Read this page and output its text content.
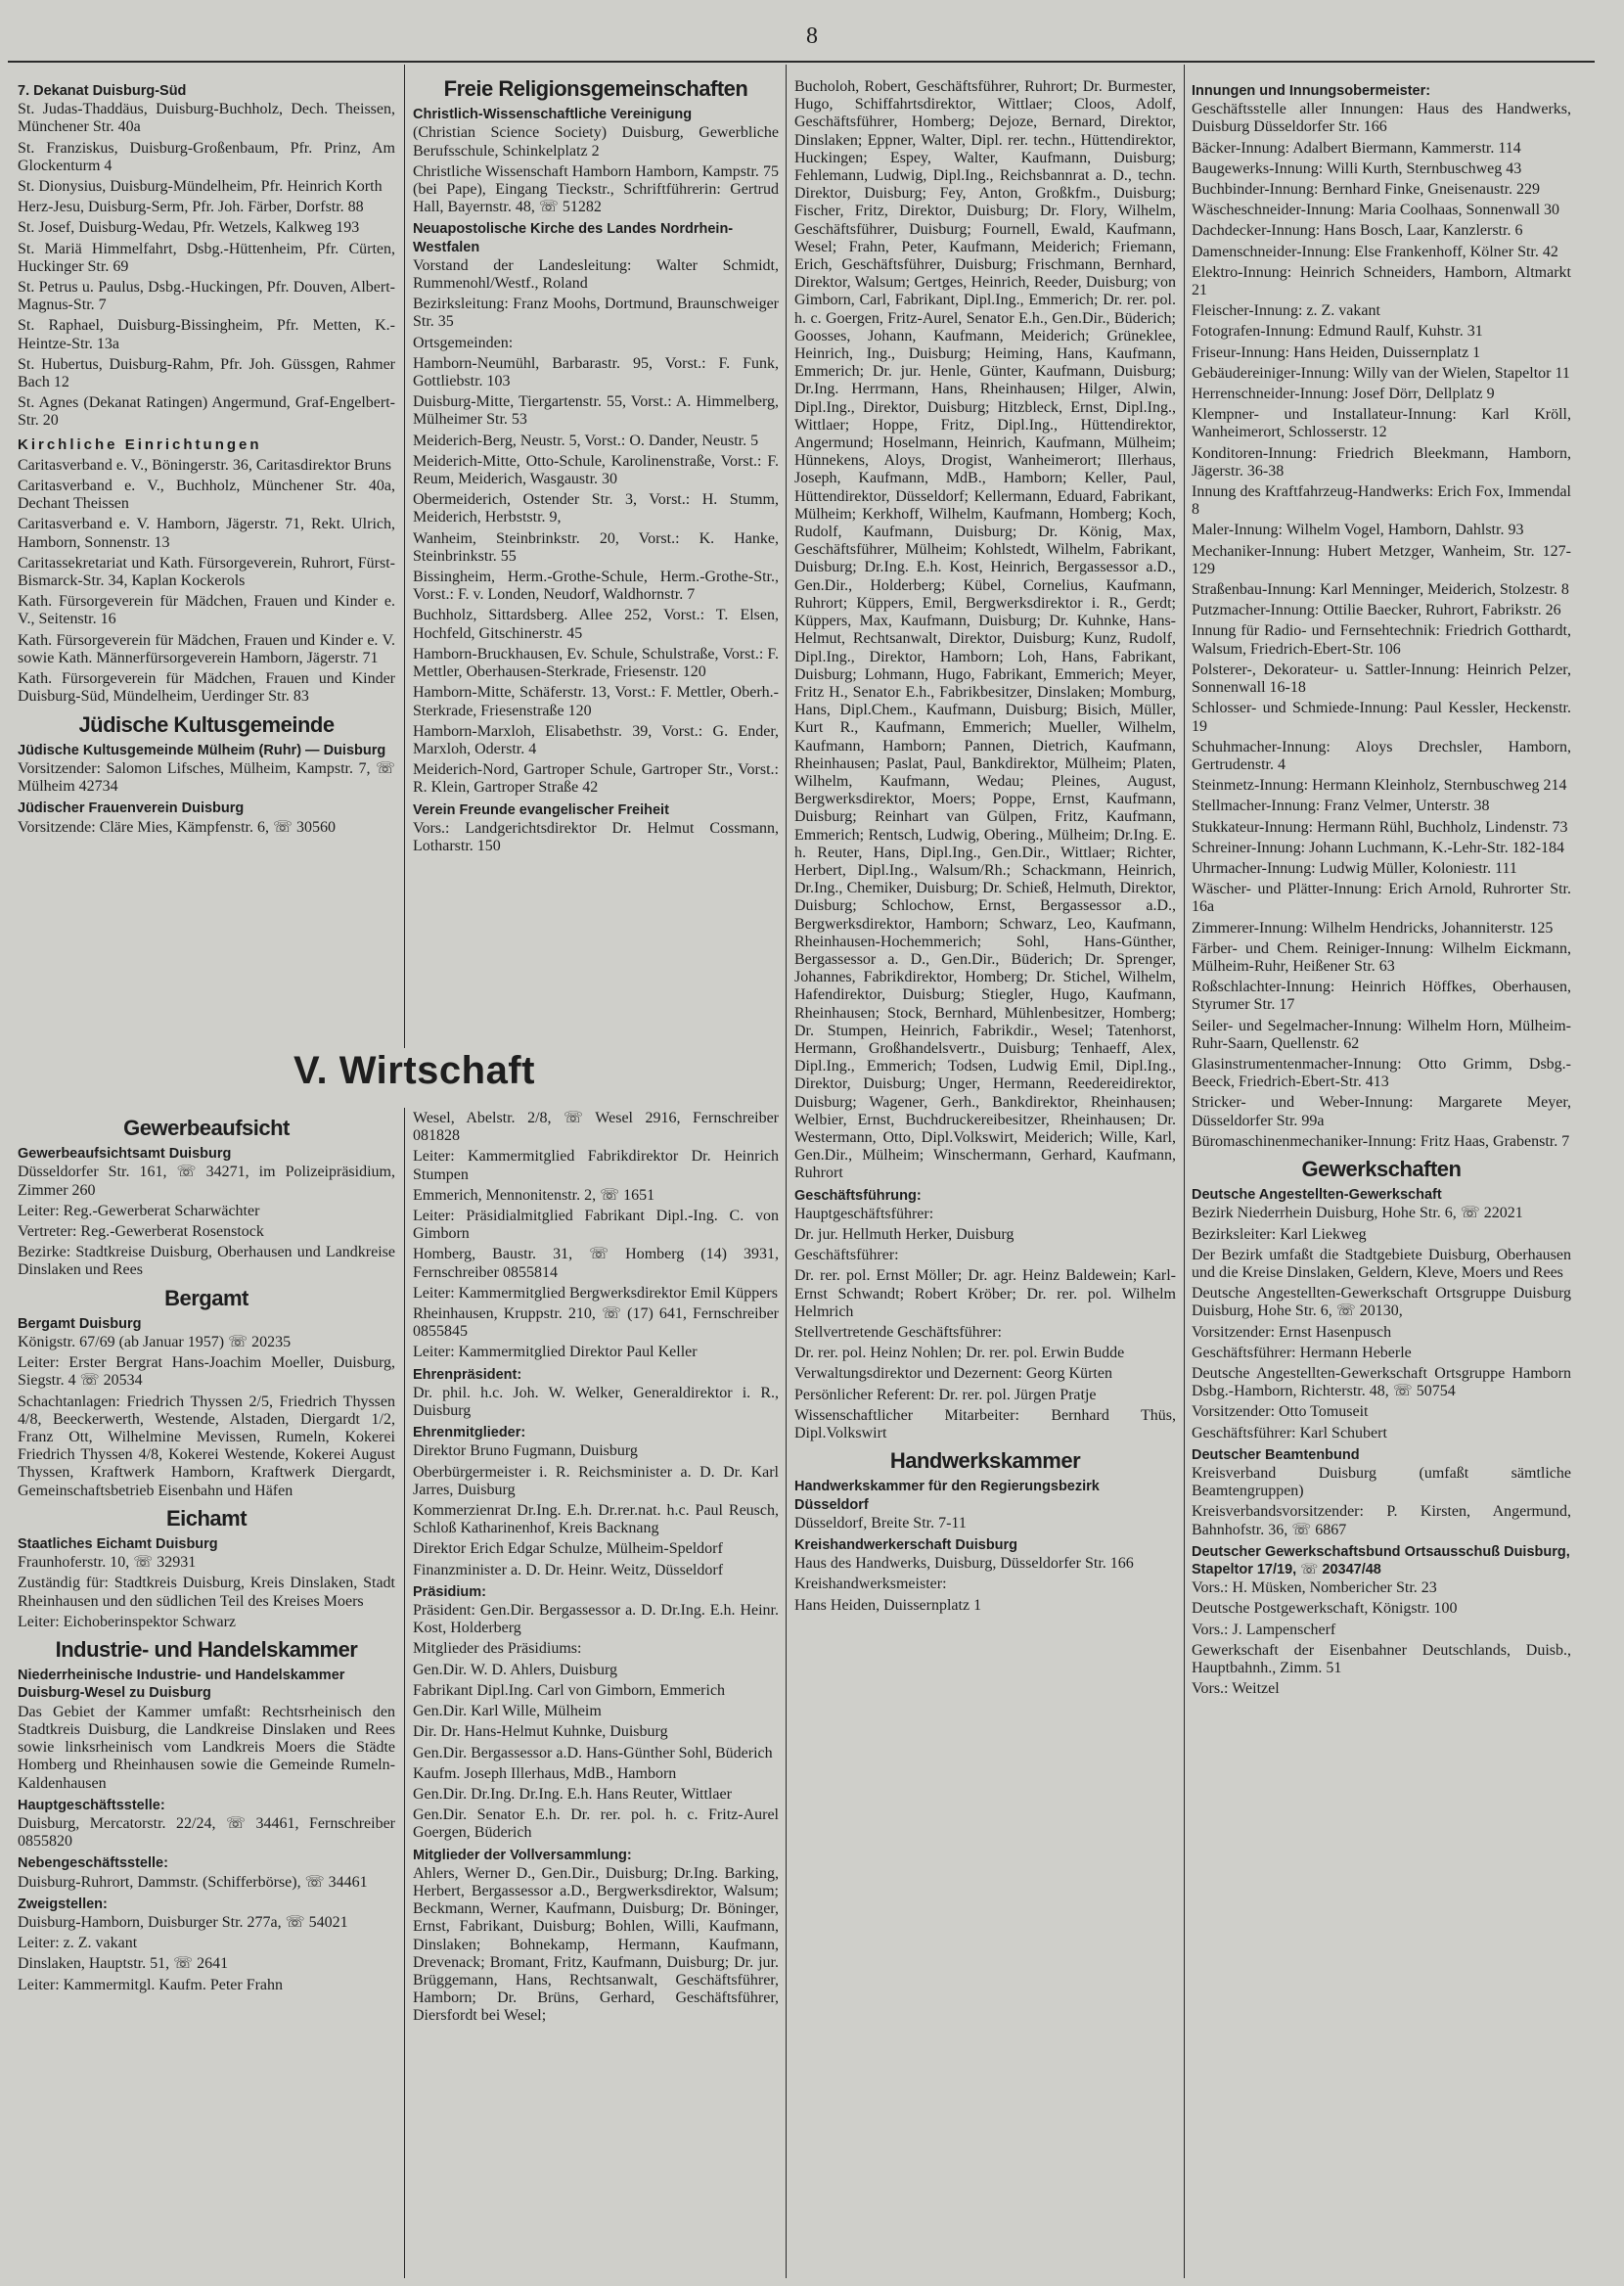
8
7. Dekanat Duisburg-Süd

St. Judas-Thaddäus, Duisburg-Buchholz, Dech. Theissen, Münchener Str. 40a

St. Franziskus, Duisburg-Großenbaum, Pfr. Prinz, Am Glockenturm 4

St. Dionysius, Duisburg-Mündelheim, Pfr. Heinrich Korth

Herz-Jesu, Duisburg-Serm, Pfr. Joh. Färber, Dorfstr. 88

St. Josef, Duisburg-Wedau, Pfr. Wetzels, Kalkweg 193

St. Mariä Himmelfahrt, Dsbg.-Hüttenheim, Pfr. Cürten, Huckinger Str. 69

St. Petrus u. Paulus, Dsbg.-Huckingen, Pfr. Douven, Albert-Magnus-Str. 7

St. Raphael, Duisburg-Bissingheim, Pfr. Metten, K.-Heintze-Str. 13a

St. Hubertus, Duisburg-Rahm, Pfr. Joh. Güssgen, Rahmer Bach 12

St. Agnes (Dekanat Ratingen) Angermund, Graf-Engelbert-Str. 20

Kirchliche Einrichtungen

Caritasverband e. V., Böningerstr. 36, Caritasdirektor Bruns

Caritasverband e. V., Buchholz, Münchener Str. 40a, Dechant Theissen

Caritasverband e. V. Hamborn, Jägerstr. 71, Rekt. Ulrich, Hamborn, Sonnenstr. 13

Caritassekretariat und Kath. Fürsorgeverein, Ruhrort, Fürst-Bismarck-Str. 34, Kaplan Kockerols

Kath. Fürsorgeverein für Mädchen, Frauen und Kinder e. V., Seitenstr. 16

Kath. Fürsorgeverein für Mädchen, Frauen und Kinder e. V. sowie Kath. Männerfürsorgeverein Hamborn, Jägerstr. 71

Kath. Fürsorgeverein für Mädchen, Frauen und Kinder Duisburg-Süd, Mündelheim, Uerdinger Str. 83

Jüdische Kultusgemeinde
Jüdische Kultusgemeinde Mülheim (Ruhr) — Duisburg

Vorsitzender: Salomon Lifsches, Mülheim, Kampstr. 7, ☏ Mülheim 42734

Jüdischer Frauenverein Duisburg

Vorsitzende: Cläre Mies, Kämpfenstr. 6, ☏ 30560

Freie Religionsgemeinschaften
Christlich-Wissenschaftliche Vereinigung

(Christian Science Society) Duisburg, Gewerbliche Berufsschule, Schinkelplatz 2

Christliche Wissenschaft Hamborn Hamborn, Kampstr. 75 (bei Pape), Eingang Tieckstr., Schriftführerin: Gertrud Hall, Bayernstr. 48, ☏ 51282

Neuapostolische Kirche des Landes Nordrhein-Westfalen

Vorstand der Landesleitung: Walter Schmidt, Rummenohl/Westf., Roland

Bezirksleitung: Franz Moohs, Dortmund, Braunschweiger Str. 35

Ortsgemeinden:

Hamborn-Neumühl, Barbarastr. 95, Vorst.: F. Funk, Gottliebstr. 103

Duisburg-Mitte, Tiergartenstr. 55, Vorst.: A. Himmelberg, Mülheimer Str. 53

Meiderich-Berg, Neustr. 5, Vorst.: O. Dander, Neustr. 5

Meiderich-Mitte, Otto-Schule, Karolinenstraße, Vorst.: F. Reum, Meiderich, Wasgaustr. 30

Obermeiderich, Ostender Str. 3, Vorst.: H. Stumm, Meiderich, Herbststr. 9,

Wanheim, Steinbrinkstr. 20, Vorst.: K. Hanke, Steinbrinkstr. 55

Bissingheim, Herm.-Grothe-Schule, Herm.-Grothe-Str., Vorst.: F. v. Londen, Neudorf, Waldhornstr. 7

Buchholz, Sittardsberg. Allee 252, Vorst.: T. Elsen, Hochfeld, Gitschinerstr. 45

Hamborn-Bruckhausen, Ev. Schule, Schulstraße, Vorst.: F. Mettler, Oberhausen-Sterkrade, Friesenstr. 120

Hamborn-Mitte, Schäferstr. 13, Vorst.: F. Mettler, Oberh.-Sterkrade, Friesenstraße 120

Hamborn-Marxloh, Elisabethstr. 39, Vorst.: G. Ender, Marxloh, Oderstr. 4

Meiderich-Nord, Gartroper Schule, Gartroper Str., Vorst.: R. Klein, Gartroper Straße 42

Verein Freunde evangelischer Freiheit

Vors.: Landgerichtsdirektor Dr. Helmut Cossmann, Lotharstr. 150

V. Wirtschaft
Gewerbeaufsicht
Gewerbeaufsichtsamt Duisburg

Düsseldorfer Str. 161, ☏ 34271, im Polizeipräsidium, Zimmer 260

Leiter: Reg.-Gewerberat Scharwächter

Vertreter: Reg.-Gewerberat Rosenstock

Bezirke: Stadtkreise Duisburg, Oberhausen und Landkreise Dinslaken und Rees

Bergamt
Bergamt Duisburg

Königstr. 67/69 (ab Januar 1957) ☏ 20235

Leiter: Erster Bergrat Hans-Joachim Moeller, Duisburg, Siegstr. 4 ☏ 20534

Schachtanlagen: Friedrich Thyssen 2/5, Friedrich Thyssen 4/8, Beeckerwerth, Westende, Alstaden, Diergardt 1/2, Franz Ott, Wilhelmine Mevissen, Rumeln, Kokerei Friedrich Thyssen 4/8, Kokerei Westende, Kokerei August Thyssen, Kraftwerk Hamborn, Kraftwerk Diergardt, Gemeinschaftsbetrieb Eisenbahn und Häfen

Eichamt
Staatliches Eichamt Duisburg

Fraunhoferstr. 10, ☏ 32931

Zuständig für: Stadtkreis Duisburg, Kreis Dinslaken, Stadt Rheinhausen und den südlichen Teil des Kreises Moers

Leiter: Eichoberinspektor Schwarz

Industrie- und Handelskammer
Niederrheinische Industrie- und Handelskammer Duisburg-Wesel zu Duisburg

Das Gebiet der Kammer umfaßt: Rechtsrheinisch den Stadtkreis Duisburg, die Landkreise Dinslaken und Rees sowie linksrheinisch vom Landkreis Moers die Städte Homberg und Rheinhausen sowie die Gemeinde Rumeln-Kaldenhausen

Hauptgeschäftsstelle:

Duisburg, Mercatorstr. 22/24, ☏ 34461, Fernschreiber 0855820

Nebengeschäftsstelle:

Duisburg-Ruhrort, Dammstr. (Schifferbörse), ☏ 34461

Zweigstellen:

Duisburg-Hamborn, Duisburger Str. 277a, ☏ 54021

Leiter: z. Z. vakant

Dinslaken, Hauptstr. 51, ☏ 2641

Leiter: Kammermitgl. Kaufm. Peter Frahn

Wesel, Abelstr. 2/8, ☏ Wesel 2916, Fernschreiber 081828

Leiter: Kammermitglied Fabrikdirektor Dr. Heinrich Stumpen

Emmerich, Mennonitenstr. 2, ☏ 1651

Leiter: Präsidialmitglied Fabrikant Dipl.-Ing. C. von Gimborn

Homberg, Baustr. 31, ☏ Homberg (14) 3931, Fernschreiber 0855814

Leiter: Kammermitglied Bergwerksdirektor Emil Küppers

Rheinhausen, Kruppstr. 210, ☏ (17) 641, Fernschreiber 0855845

Leiter: Kammermitglied Direktor Paul Keller

Ehrenpräsident:

Dr. phil. h.c. Joh. W. Welker, Generaldirektor i. R., Duisburg

Ehrenmitglieder:

Direktor Bruno Fugmann, Duisburg

Oberbürgermeister i. R. Reichsminister a. D. Dr. Karl Jarres, Duisburg

Kommerzienrat Dr.Ing. E.h. Dr.rer.nat. h.c. Paul Reusch, Schloß Katharinenhof, Kreis Backnang

Direktor Erich Edgar Schulze, Mülheim-Speldorf

Finanzminister a. D. Dr. Heinr. Weitz, Düsseldorf

Präsidium:

Präsident: Gen.Dir. Bergassessor a. D. Dr.Ing. E.h. Heinr. Kost, Holderberg

Mitglieder des Präsidiums:

Gen.Dir. W. D. Ahlers, Duisburg

Fabrikant Dipl.Ing. Carl von Gimborn, Emmerich

Gen.Dir. Karl Wille, Mülheim

Dir. Dr. Hans-Helmut Kuhnke, Duisburg

Gen.Dir. Bergassessor a.D. Hans-Günther Sohl, Büderich

Kaufm. Joseph Illerhaus, MdB., Hamborn

Gen.Dir. Dr.Ing. Dr.Ing. E.h. Hans Reuter, Wittlaer

Gen.Dir. Senator E.h. Dr. rer. pol. h. c. Fritz-Aurel Goergen, Büderich

Mitglieder der Vollversammlung:

Ahlers, Werner D., Gen.Dir., Duisburg; Dr.Ing. Barking, Herbert, Bergassessor a.D., Bergwerksdirektor, Walsum; Beckmann, Werner, Kaufmann, Duisburg; Dr. Böninger, Ernst, Fabrikant, Duisburg; Bohlen, Willi, Kaufmann, Dinslaken; Bohnekamp, Hermann, Kaufmann, Drevenack; Bromant, Fritz, Kaufmann, Duisburg; Dr. jur. Brüggemann, Hans, Rechtsanwalt, Geschäftsführer, Hamborn; Dr. Brüns, Gerhard, Geschäftsführer, Diersfordt bei Wesel;

Bucholoh, Robert, Geschäftsführer, Ruhrort; Dr. Burmester, Hugo, Schiffahrtsdirektor, Wittlaer; Cloos, Adolf, Geschäftsführer, Homberg; Dejoze, Bernard, Direktor, Dinslaken; Eppner, Walter, Dipl. rer. techn., Hüttendirektor, Huckingen; Espey, Walter, Kaufmann, Duisburg; Fehlemann, Ludwig, Dipl.Ing., Reichsbannrat a. D., techn. Direktor, Duisburg; Fey, Anton, Großkfm., Duisburg; Fischer, Fritz, Direktor, Duisburg; Dr. Flory, Wilhelm, Geschäftsführer, Duisburg; Fournell, Ewald, Kaufmann, Wesel; Frahn, Peter, Kaufmann, Meiderich; Friemann, Erich, Geschäftsführer, Duisburg; Frischmann, Bernhard, Direktor, Walsum; Gertges, Heinrich, Reeder, Duisburg; von Gimborn, Carl, Fabrikant, Dipl.Ing., Emmerich; Dr. rer. pol. h. c. Goergen, Fritz-Aurel, Senator E.h., Gen.Dir., Büderich; Goosses, Johann, Kaufmann, Meiderich; Grüneklee, Heinrich, Ing., Duisburg; Heiming, Hans, Kaufmann, Emmerich; Dr. jur. Henle, Günter, Kaufmann, Duisburg; Dr.Ing. Herrmann, Hans, Rheinhausen; Hilger, Alwin, Dipl.Ing., Direktor, Duisburg; Hitzbleck, Ernst, Dipl.Ing., Wittlaer; Hoppe, Fritz, Dipl.Ing., Hüttendirektor, Angermund; Hoselmann, Heinrich, Kaufmann, Mülheim; Hünnekens, Aloys, Drogist, Wanheimerort; Illerhaus, Joseph, Kaufmann, MdB., Hamborn; Keller, Paul, Hüttendirektor, Düsseldorf; Kellermann, Eduard, Fabrikant, Mülheim; Kerkhoff, Wilhelm, Kaufmann, Homberg; Koch, Rudolf, Kaufmann, Duisburg; Dr. König, Max, Geschäftsführer, Mülheim; Kohlstedt, Wilhelm, Fabrikant, Duisburg; Dr.Ing. E.h. Kost, Heinrich, Bergassessor a.D., Gen.Dir., Holderberg; Kübel, Cornelius, Kaufmann, Ruhrort; Küppers, Emil, Bergwerksdirektor i. R., Gerdt; Küppers, Max, Kaufmann, Duisburg; Dr. Kuhnke, Hans-Helmut, Rechtsanwalt, Direktor, Duisburg; Kunz, Rudolf, Dipl.Ing., Direktor, Hamborn; Loh, Hans, Fabrikant, Duisburg; Lohmann, Hugo, Fabrikant, Emmerich; Meyer, Fritz H., Senator E.h., Fabrikbesitzer, Dinslaken; Momburg, Hans, Dipl.Chem., Kaufmann, Duisburg; Bisich, Müller, Kurt R., Kaufmann, Emmerich; Mueller, Wilhelm, Kaufmann, Hamborn; Pannen, Dietrich, Kaufmann, Rheinhausen; Paslat, Paul, Bankdirektor, Mülheim; Platen, Wilhelm, Kaufmann, Wedau; Pleines, August, Bergwerksdirektor, Moers; Poppe, Ernst, Kaufmann, Duisburg; Reinhart van Gülpen, Fritz, Kaufmann, Emmerich; Rentsch, Ludwig, Obering., Mülheim; Dr.Ing. E. h. Reuter, Hans, Dipl.Ing., Gen.Dir., Wittlaer; Richter, Herbert, Dipl.Ing., Walsum/Rh.; Schackmann, Heinrich, Dr.Ing., Chemiker, Duisburg; Dr. Schieß, Helmuth, Direktor, Duisburg; Schlochow, Ernst, Bergassessor a.D., Bergwerksdirektor, Hamborn; Schwarz, Leo, Kaufmann, Rheinhausen-Hochemmerich; Sohl, Hans-Günther, Bergassessor a. D., Gen.Dir., Büderich; Dr. Sprenger, Johannes, Fabrikdirektor, Homberg; Dr. Stichel, Wilhelm, Hafendirektor, Duisburg; Stiegler, Hugo, Kaufmann, Rheinhausen; Stock, Bernhard, Mühlenbesitzer, Homberg; Dr. Stumpen, Heinrich, Fabrikdir., Wesel; Tatenhorst, Hermann, Großhandelsvertr., Duisburg; Tenhaeff, Alex, Dipl.Ing., Emmerich; Todsen, Ludwig Emil, Dipl.Ing., Direktor, Duisburg; Unger, Hermann, Reedereidirektor, Duisburg; Wagener, Gerh., Bankdirektor, Rheinhausen; Welbier, Ernst, Buchdruckereibesitzer, Rheinhausen; Dr. Westermann, Otto, Dipl.Volkswirt, Meiderich; Wille, Karl, Gen.Dir., Mülheim; Winschermann, Gerhard, Kaufmann, Ruhrort

Geschäftsführung:

Hauptgeschäftsführer:

Dr. jur. Hellmuth Herker, Duisburg

Geschäftsführer:

Dr. rer. pol. Ernst Möller; Dr. agr. Heinz Baldewein; Karl-Ernst Schwandt; Robert Kröber; Dr. rer. pol. Wilhelm Helmrich

Stellvertretende Geschäftsführer:

Dr. rer. pol. Heinz Nohlen; Dr. rer. pol. Erwin Budde

Verwaltungsdirektor und Dezernent: Georg Kürten

Persönlicher Referent: Dr. rer. pol. Jürgen Pratje

Wissenschaftlicher Mitarbeiter: Bernhard Thüs, Dipl.Volkswirt

Handwerkskammer
Handwerkskammer für den Regierungsbezirk Düsseldorf

Düsseldorf, Breite Str. 7-11

Kreishandwerkerschaft Duisburg

Haus des Handwerks, Duisburg, Düsseldorfer Str. 166

Kreishandwerksmeister:

Hans Heiden, Duissernplatz 1

Innungen und Innungsobermeister:

Geschäftsstelle aller Innungen: Haus des Handwerks, Duisburg Düsseldorfer Str. 166

Bäcker-Innung: Adalbert Biermann, Kammerstr. 114

Baugewerks-Innung: Willi Kurth, Sternbuschweg 43

Buchbinder-Innung: Bernhard Finke, Gneisenaustr. 229

Wäscheschneider-Innung: Maria Coolhaas, Sonnenwall 30

Dachdecker-Innung: Hans Bosch, Laar, Kanzlerstr. 6

Damenschneider-Innung: Else Frankenhoff, Kölner Str. 42

Elektro-Innung: Heinrich Schneiders, Hamborn, Altmarkt 21

Fleischer-Innung: z. Z. vakant

Fotografen-Innung: Edmund Raulf, Kuhstr. 31

Friseur-Innung: Hans Heiden, Duissernplatz 1

Gebäudereiniger-Innung: Willy van der Wielen, Stapeltor 11

Herrenschneider-Innung: Josef Dörr, Dellplatz 9

Klempner- und Installateur-Innung: Karl Kröll, Wanheimerort, Schlosserstr. 12

Konditoren-Innung: Friedrich Bleekmann, Hamborn, Jägerstr. 36-38

Innung des Kraftfahrzeug-Handwerks: Erich Fox, Immendal 8

Maler-Innung: Wilhelm Vogel, Hamborn, Dahlstr. 93

Mechaniker-Innung: Hubert Metzger, Wanheim, Str. 127-129

Straßenbau-Innung: Karl Menninger, Meiderich, Stolzestr. 8

Putzmacher-Innung: Ottilie Baecker, Ruhrort, Fabrikstr. 26

Innung für Radio- und Fernsehtechnik: Friedrich Gotthardt, Walsum, Friedrich-Ebert-Str. 106

Polsterer-, Dekorateur- u. Sattler-Innung: Heinrich Pelzer, Sonnenwall 16-18

Schlosser- und Schmiede-Innung: Paul Kessler, Heckenstr. 19

Schuhmacher-Innung: Aloys Drechsler, Hamborn, Gertrudenstr. 4

Steinmetz-Innung: Hermann Kleinholz, Sternbuschweg 214

Stellmacher-Innung: Franz Velmer, Unterstr. 38

Stukkateur-Innung: Hermann Rühl, Buchholz, Lindenstr. 73

Schreiner-Innung: Johann Luchmann, K.-Lehr-Str. 182-184

Uhrmacher-Innung: Ludwig Müller, Koloniestr. 111

Wäscher- und Plätter-Innung: Erich Arnold, Ruhrorter Str. 16a

Zimmerer-Innung: Wilhelm Hendricks, Johanniterstr. 125

Färber- und Chem. Reiniger-Innung: Wilhelm Eickmann, Mülheim-Ruhr, Heißener Str. 63

Roßschlachter-Innung: Heinrich Höffkes, Oberhausen, Styrumer Str. 17

Seiler- und Segelmacher-Innung: Wilhelm Horn, Mülheim-Ruhr-Saarn, Quellenstr. 62

Glasinstrumentenmacher-Innung: Otto Grimm, Dsbg.-Beeck, Friedrich-Ebert-Str. 413

Stricker- und Weber-Innung: Margarete Meyer, Düsseldorfer Str. 99a

Büromaschinenmechaniker-Innung: Fritz Haas, Grabenstr. 7

Gewerkschaften
Deutsche Angestellten-Gewerkschaft

Bezirk Niederrhein Duisburg, Hohe Str. 6, ☏ 22021

Bezirksleiter: Karl Liekweg

Der Bezirk umfaßt die Stadtgebiete Duisburg, Oberhausen und die Kreise Dinslaken, Geldern, Kleve, Moers und Rees

Deutsche Angestellten-Gewerkschaft Ortsgruppe Duisburg Duisburg, Hohe Str. 6, ☏ 20130,

Vorsitzender: Ernst Hasenpusch

Geschäftsführer: Hermann Heberle

Deutsche Angestellten-Gewerkschaft Ortsgruppe Hamborn Dsbg.-Hamborn, Richterstr. 48, ☏ 50754

Vorsitzender: Otto Tomuseit

Geschäftsführer: Karl Schubert

Deutscher Beamtenbund

Kreisverband Duisburg (umfaßt sämtliche Beamtengruppen)

Kreisverbandsvorsitzender: P. Kirsten, Angermund, Bahnhofstr. 36, ☏ 6867

Deutscher Gewerkschaftsbund Ortsausschuß Duisburg, Stapeltor 17/19, ☏ 20347/48

Vors.: H. Müsken, Nombericher Str. 23

Deutsche Postgewerkschaft, Königstr. 100

Vors.: J. Lampenscherf

Gewerkschaft der Eisenbahner Deutschlands, Duisb., Hauptbahnh., Zimm. 51

Vors.: Weitzel
